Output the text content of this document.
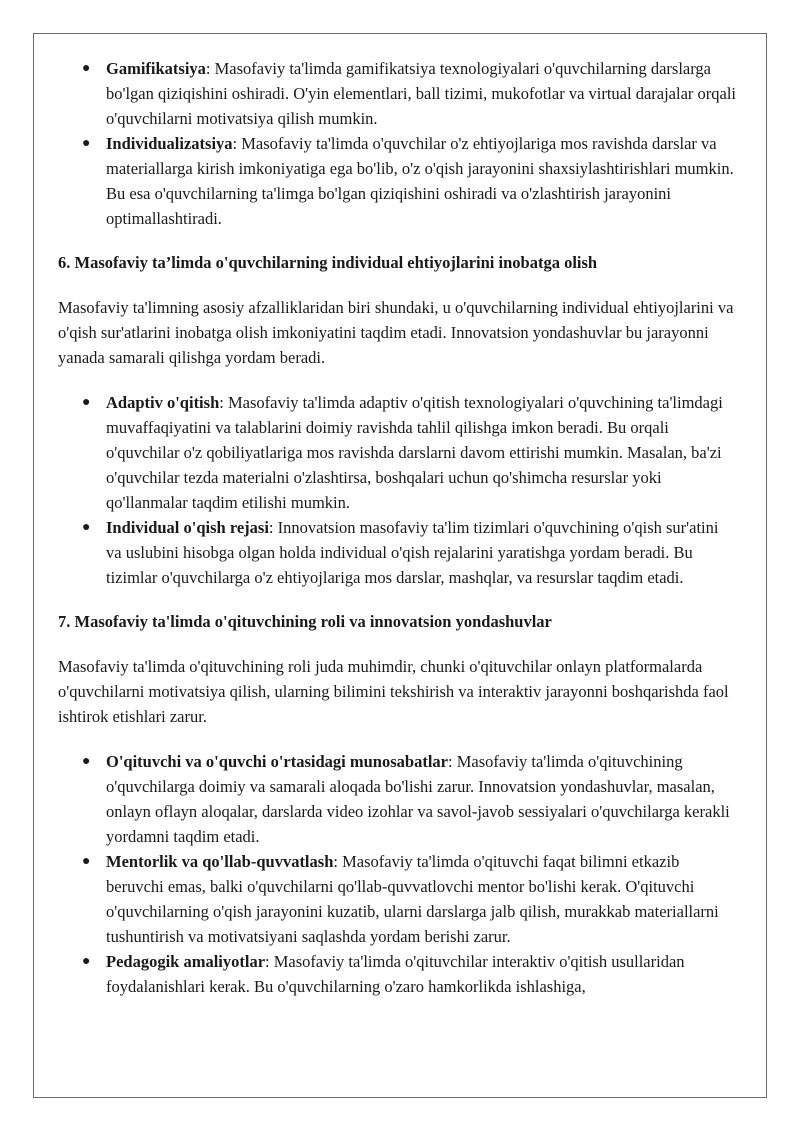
● Gamifikatsiya: Masofaviy ta'limda gamifikatsiya texnologiyalari o'quvchilarning darslarga bo'lgan qiziqishini oshiradi. O'yin elementlari, ball tizimi, mukofotlar va virtual darajalar orqali o'quvchilarni motivatsiya qilish mumkin.
● Individualizatsiya: Masofaviy ta'limda o'quvchilar o'z ehtiyojlariga mos ravishda darslar va materiallarga kirish imkoniyatiga ega bo'lib, o'z o'qish jarayonini shaxsiylashtirishlari mumkin. Bu esa o'quvchilarning ta'limga bo'lgan qiziqishini oshiradi va o'zlashtirish jarayonini optimallashtiradi.

6. Masofaviy ta’limda o'quvchilarning individual ehtiyojlarini inobatga olish

Masofaviy ta'limning asosiy afzalliklaridan biri shundaki, u o'quvchilarning individual ehtiyojlarini va o'qish sur'atlarini inobatga olish imkoniyatini taqdim etadi. Innovatsion yondashuvlar bu jarayonni yanada samarali qilishga yordam beradi.

● Adaptiv o'qitish: Masofaviy ta'limda adaptiv o'qitish texnologiyalari o'quvchining ta'limdagi muvaffaqiyatini va talablarini doimiy ravishda tahlil qilishga imkon beradi. Bu orqali o'quvchilar o'z qobiliyatlariga mos ravishda darslarni davom ettirishi mumkin. Masalan, ba'zi o'quvchilar tezda materialni o'zlashtirsa, boshqalari uchun qo'shimcha resurslar yoki qo'llanmalar taqdim etilishi mumkin.
● Individual o'qish rejasi: Innovatsion masofaviy ta'lim tizimlari o'quvchining o'qish sur'atini va uslubini hisobga olgan holda individual o'qish rejalarini yaratishga yordam beradi. Bu tizimlar o'quvchilarga o'z ehtiyojlariga mos darslar, mashqlar, va resurslar taqdim etadi.

7. Masofaviy ta'limda o'qituvchining roli va innovatsion yondashuvlar

Masofaviy ta'limda o'qituvchining roli juda muhimdir, chunki o'qituvchilar onlayn platformalarda o'quvchilarni motivatsiya qilish, ularning bilimini tekshirish va interaktiv jarayonni boshqarishda faol ishtirok etishlari zarur.

● O'qituvchi va o'quvchi o'rtasidagi munosabatlar: Masofaviy ta'limda o'qituvchining o'quvchilarga doimiy va samarali aloqada bo'lishi zarur. Innovatsion yondashuvlar, masalan, onlayn oflayn aloqalar, darslarda video izohlar va savol-javob sessiyalari o'quvchilarga kerakli yordamni taqdim etadi.
● Mentorlik va qo'llab-quvvatlash: Masofaviy ta'limda o'qituvchi faqat bilimni etkazib beruvchi emas, balki o'quvchilarni qo'llab-quvvatlovchi mentor bo'lishi kerak. O'qituvchi o'quvchilarning o'qish jarayonini kuzatib, ularni darslarga jalb qilish, murakkab materiallarni tushuntirish va motivatsiyani saqlashda yordam berishi zarur.
● Pedagogik amaliyotlar: Masofaviy ta'limda o'qituvchilar interaktiv o'qitish usullaridan foydalanishlari kerak. Bu o'quvchilarning o'zaro hamkorlikda ishlashiga,
